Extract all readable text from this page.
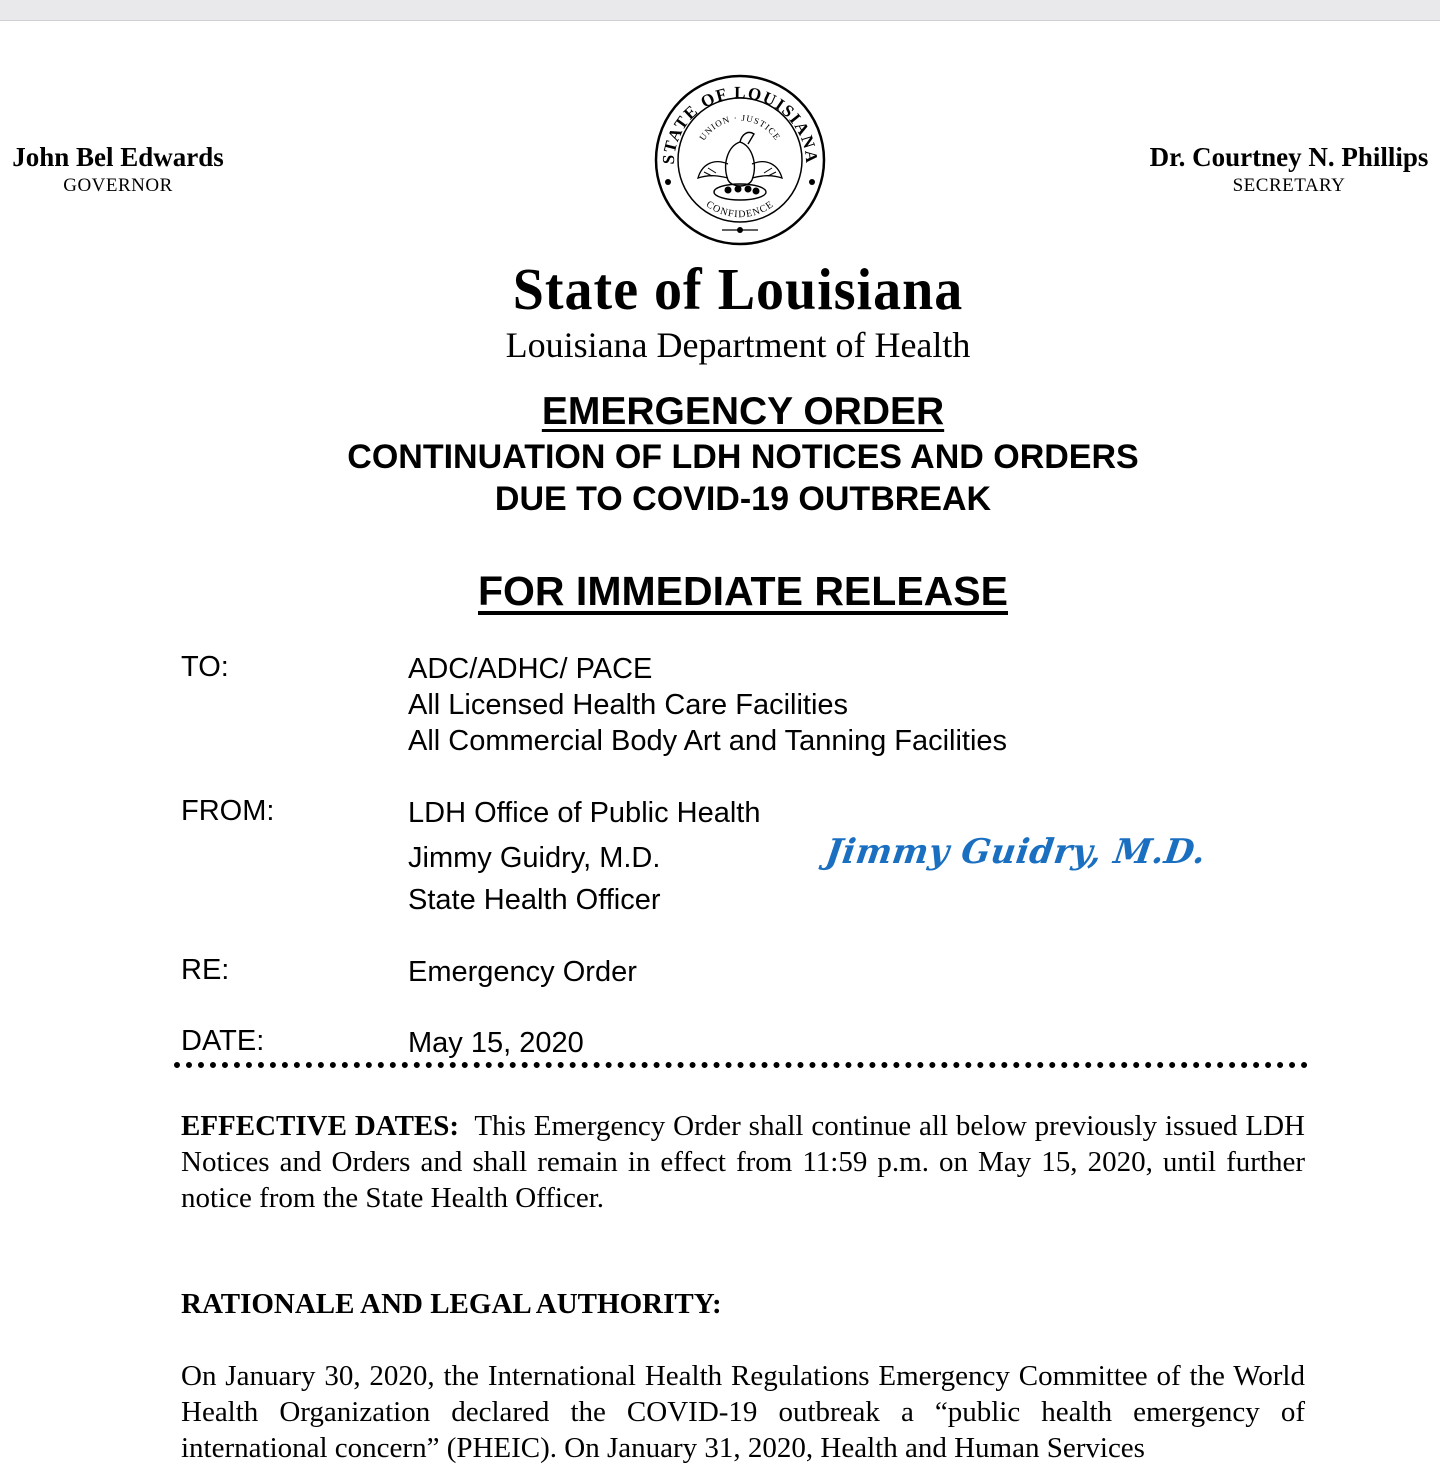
John Bel Edwards
GOVERNOR
STATE OF LOUISIANA
UNION · JUSTICE
CONFIDENCE
Dr. Courtney N. Phillips
SECRETARY
State of Louisiana
Louisiana Department of Health
EMERGENCY ORDER
CONTINUATION OF LDH NOTICES AND ORDERS
DUE TO COVID-19 OUTBREAK
FOR IMMEDIATE RELEASE
TO:	ADC/ADHC/ PACE
All Licensed Health Care Facilities
All Commercial Body Art and Tanning Facilities
FROM:	LDH Office of Public Health
Jimmy Guidry, M.D.
State Health Officer
Jimmy Guidry, M.D.
RE:	Emergency Order
DATE:	May 15, 2020
EFFECTIVE DATES: This Emergency Order shall continue all below previously issued LDH Notices and Orders and shall remain in effect from 11:59 p.m. on May 15, 2020, until further notice from the State Health Officer.
RATIONALE AND LEGAL AUTHORITY:
On January 30, 2020, the International Health Regulations Emergency Committee of the World Health Organization declared the COVID-19 outbreak a “public health emergency of international concern” (PHEIC). On January 31, 2020, Health and Human Services
